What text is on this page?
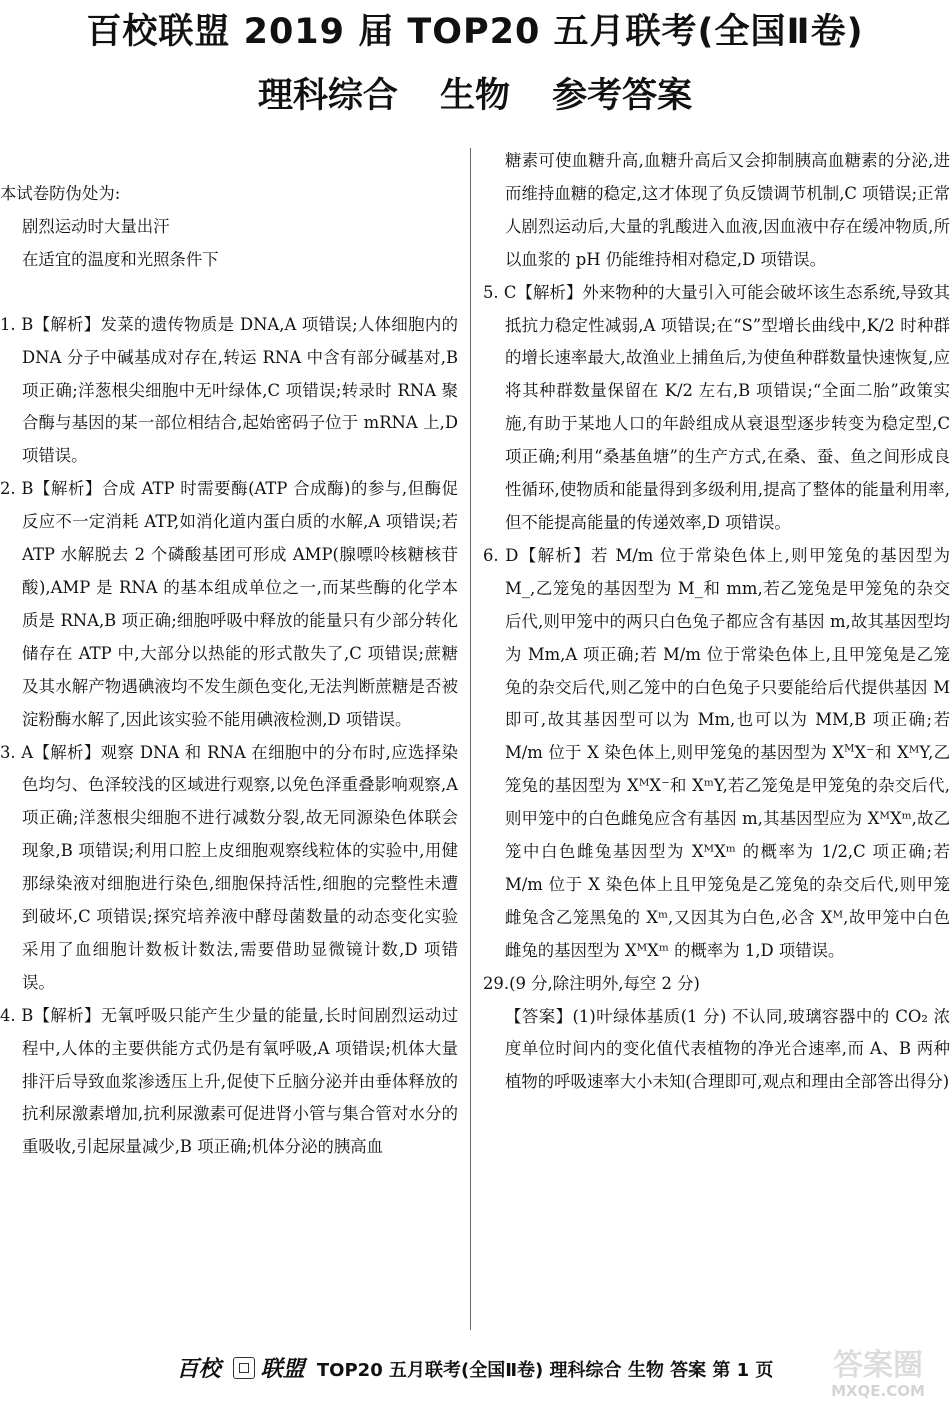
百校联盟 2019 届 TOP20 五月联考(全国Ⅱ卷)
理科综合 生物 参考答案

本试卷防伪处为:

剧烈运动时大量出汗

在适宜的温度和光照条件下

1. B【解析】发菜的遗传物质是 DNA,A 项错误;人体细胞内的 DNA 分子中碱基成对存在,转运 RNA 中含有部分碱基对,B 项正确;洋葱根尖细胞中无叶绿体,C 项错误;转录时 RNA 聚合酶与基因的某一部位相结合,起始密码子位于 mRNA 上,D 项错误。

2. B【解析】合成 ATP 时需要酶(ATP 合成酶)的参与,但酶促反应不一定消耗 ATP,如消化道内蛋白质的水解,A 项错误;若 ATP 水解脱去 2 个磷酸基团可形成 AMP(腺嘌呤核糖核苷酸),AMP 是 RNA 的基本组成单位之一,而某些酶的化学本质是 RNA,B 项正确;细胞呼吸中释放的能量只有少部分转化储存在 ATP 中,大部分以热能的形式散失了,C 项错误;蔗糖及其水解产物遇碘液均不发生颜色变化,无法判断蔗糖是否被淀粉酶水解了,因此该实验不能用碘液检测,D 项错误。

3. A【解析】观察 DNA 和 RNA 在细胞中的分布时,应选择染色均匀、色泽较浅的区域进行观察,以免色泽重叠影响观察,A 项正确;洋葱根尖细胞不进行减数分裂,故无同源染色体联会现象,B 项错误;利用口腔上皮细胞观察线粒体的实验中,用健那绿染液对细胞进行染色,细胞保持活性,细胞的完整性未遭到破坏,C 项错误;探究培养液中酵母菌数量的动态变化实验采用了血细胞计数板计数法,需要借助显微镜计数,D 项错误。

4. B【解析】无氧呼吸只能产生少量的能量,长时间剧烈运动过程中,人体的主要供能方式仍是有氧呼吸,A 项错误;机体大量排汗后导致血浆渗透压上升,促使下丘脑分泌并由垂体释放的抗利尿激素增加,抗利尿激素可促进肾小管与集合管对水分的重吸收,引起尿量减少,B 项正确;机体分泌的胰高血

糖素可使血糖升高,血糖升高后又会抑制胰高血糖素的分泌,进而维持血糖的稳定,这才体现了负反馈调节机制,C 项错误;正常人剧烈运动后,大量的乳酸进入血液,因血液中存在缓冲物质,所以血浆的 pH 仍能维持相对稳定,D 项错误。

5. C【解析】外来物种的大量引入可能会破坏该生态系统,导致其抵抗力稳定性减弱,A 项错误;在“S”型增长曲线中,K/2 时种群的增长速率最大,故渔业上捕鱼后,为使鱼种群数量快速恢复,应将其种群数量保留在 K/2 左右,B 项错误;“全面二胎”政策实施,有助于某地人口的年龄组成从衰退型逐步转变为稳定型,C 项正确;利用“桑基鱼塘”的生产方式,在桑、蚕、鱼之间形成良性循环,使物质和能量得到多级利用,提高了整体的能量利用率,但不能提高能量的传递效率,D 项错误。

6. D【解析】若 M/m 位于常染色体上,则甲笼兔的基因型为 M_,乙笼兔的基因型为 M_和 mm,若乙笼兔是甲笼兔的杂交后代,则甲笼中的两只白色兔子都应含有基因 m,故其基因型均为 Mm,A 项正确;若 M/m 位于常染色体上,且甲笼兔是乙笼兔的杂交后代,则乙笼中的白色兔子只要能给后代提供基因 M 即可,故其基因型可以为 Mm,也可以为 MM,B 项正确;若 M/m 位于 X 染色体上,则甲笼兔的基因型为 $X^MX^-$和 XᴹY,乙笼兔的基因型为 XᴹX⁻和 XᵐY,若乙笼兔是甲笼兔的杂交后代,则甲笼中的白色雌兔应含有基因 m,其基因型应为 XᴹXᵐ,故乙笼中白色雌兔基因型为 XᴹXᵐ 的概率为 1/2,C 项正确;若 M/m 位于 X 染色体上且甲笼兔是乙笼兔的杂交后代,则甲笼雌兔含乙笼黑兔的 Xᵐ,又因其为白色,必含 Xᴹ,故甲笼中白色雌兔的基因型为 XᴹXᵐ 的概率为 1,D 项错误。

29.(9 分,除注明外,每空 2 分)

【答案】(1)叶绿体基质(1 分) 不认同,玻璃容器中的 CO₂ 浓度单位时间内的变化值代表植物的净光合速率,而 A、B 两种植物的呼吸速率大小未知(合理即可,观点和理由全部答出得分)

百校 联盟 TOP20 五月联考(全国Ⅱ卷) 理科综合 生物 答案 第 1 页	答案圈
MXQE.COM
